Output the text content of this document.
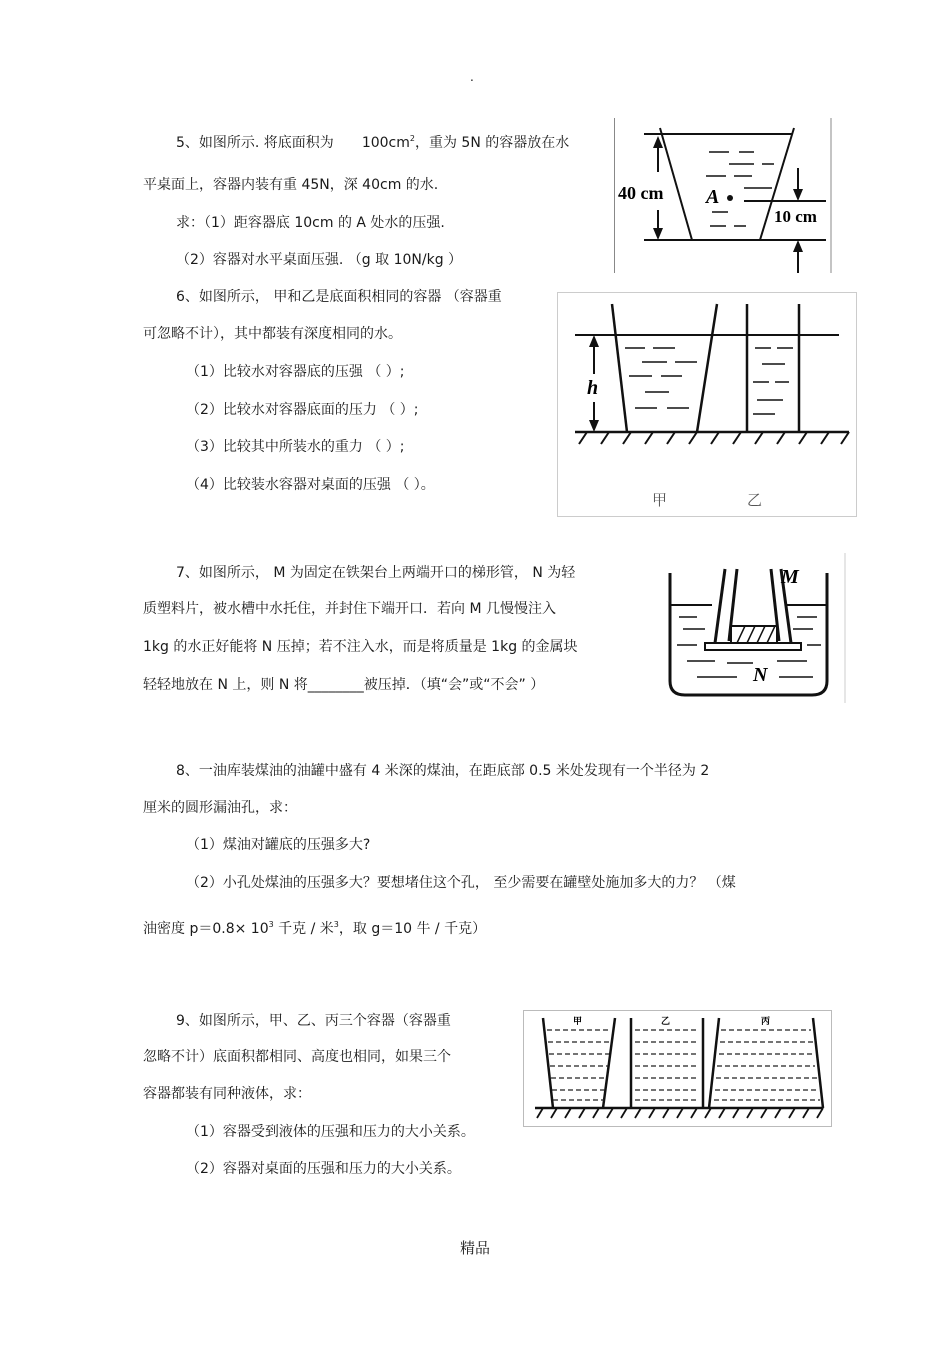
.
5、如图所示. 将底面积为 $100cm^2$，重为 5N 的容器放在水
平桌面上，容器内装有重 45N，深 40cm 的水.
求：（1）距容器底 10cm 的 A 处水的压强.
（2）容器对水平桌面压强. （g 取 10N/kg ）
40 cm A
10 cm
6、如图所示， 甲和乙是底面积相同的容器 （容器重
可忽略不计），其中都装有深度相同的水。
（1）比较水对容器底的压强 （ ）;
（2）比较水对容器底面的压力 （ ）;
（3）比较其中所装水的重力 （ ）;
（4）比较装水容器对桌面的压强 （ ）。
h
甲	乙
7、如图所示， M 为固定在铁架台上两端开口的梯形管， N 为轻
质塑料片，被水槽中水托住，并封住下端开口．若向 M 几慢慢注入
1kg 的水正好能将 N 压掉；若不注入水，而是将质量是 1kg 的金属块
轻轻地放在 N 上，则 N 将________被压掉．（填“会”或“不会” ）
M
N
8、一油库装煤油的油罐中盛有 4 米深的煤油，在距底部 0.5 米处发现有一个半径为 2
厘米的圆形漏油孔，求：
（1）煤油对罐底的压强多大?
（2）小孔处煤油的压强多大？要想堵住这个孔， 至少需要在罐壁处施加多大的力？ （煤
油密度 $p=0.8\times 10^3$ 千克 / 米$^3$，取 g＝10 牛 / 千克）
9、如图所示，甲、乙、丙三个容器（容器重
忽略不计）底面积都相同、高度也相同，如果三个
容器都装有同种液体，求：
（1）容器受到液体的压强和压力的大小关系。
（2）容器对桌面的压强和压力的大小关系。
甲	乙	丙
精品
